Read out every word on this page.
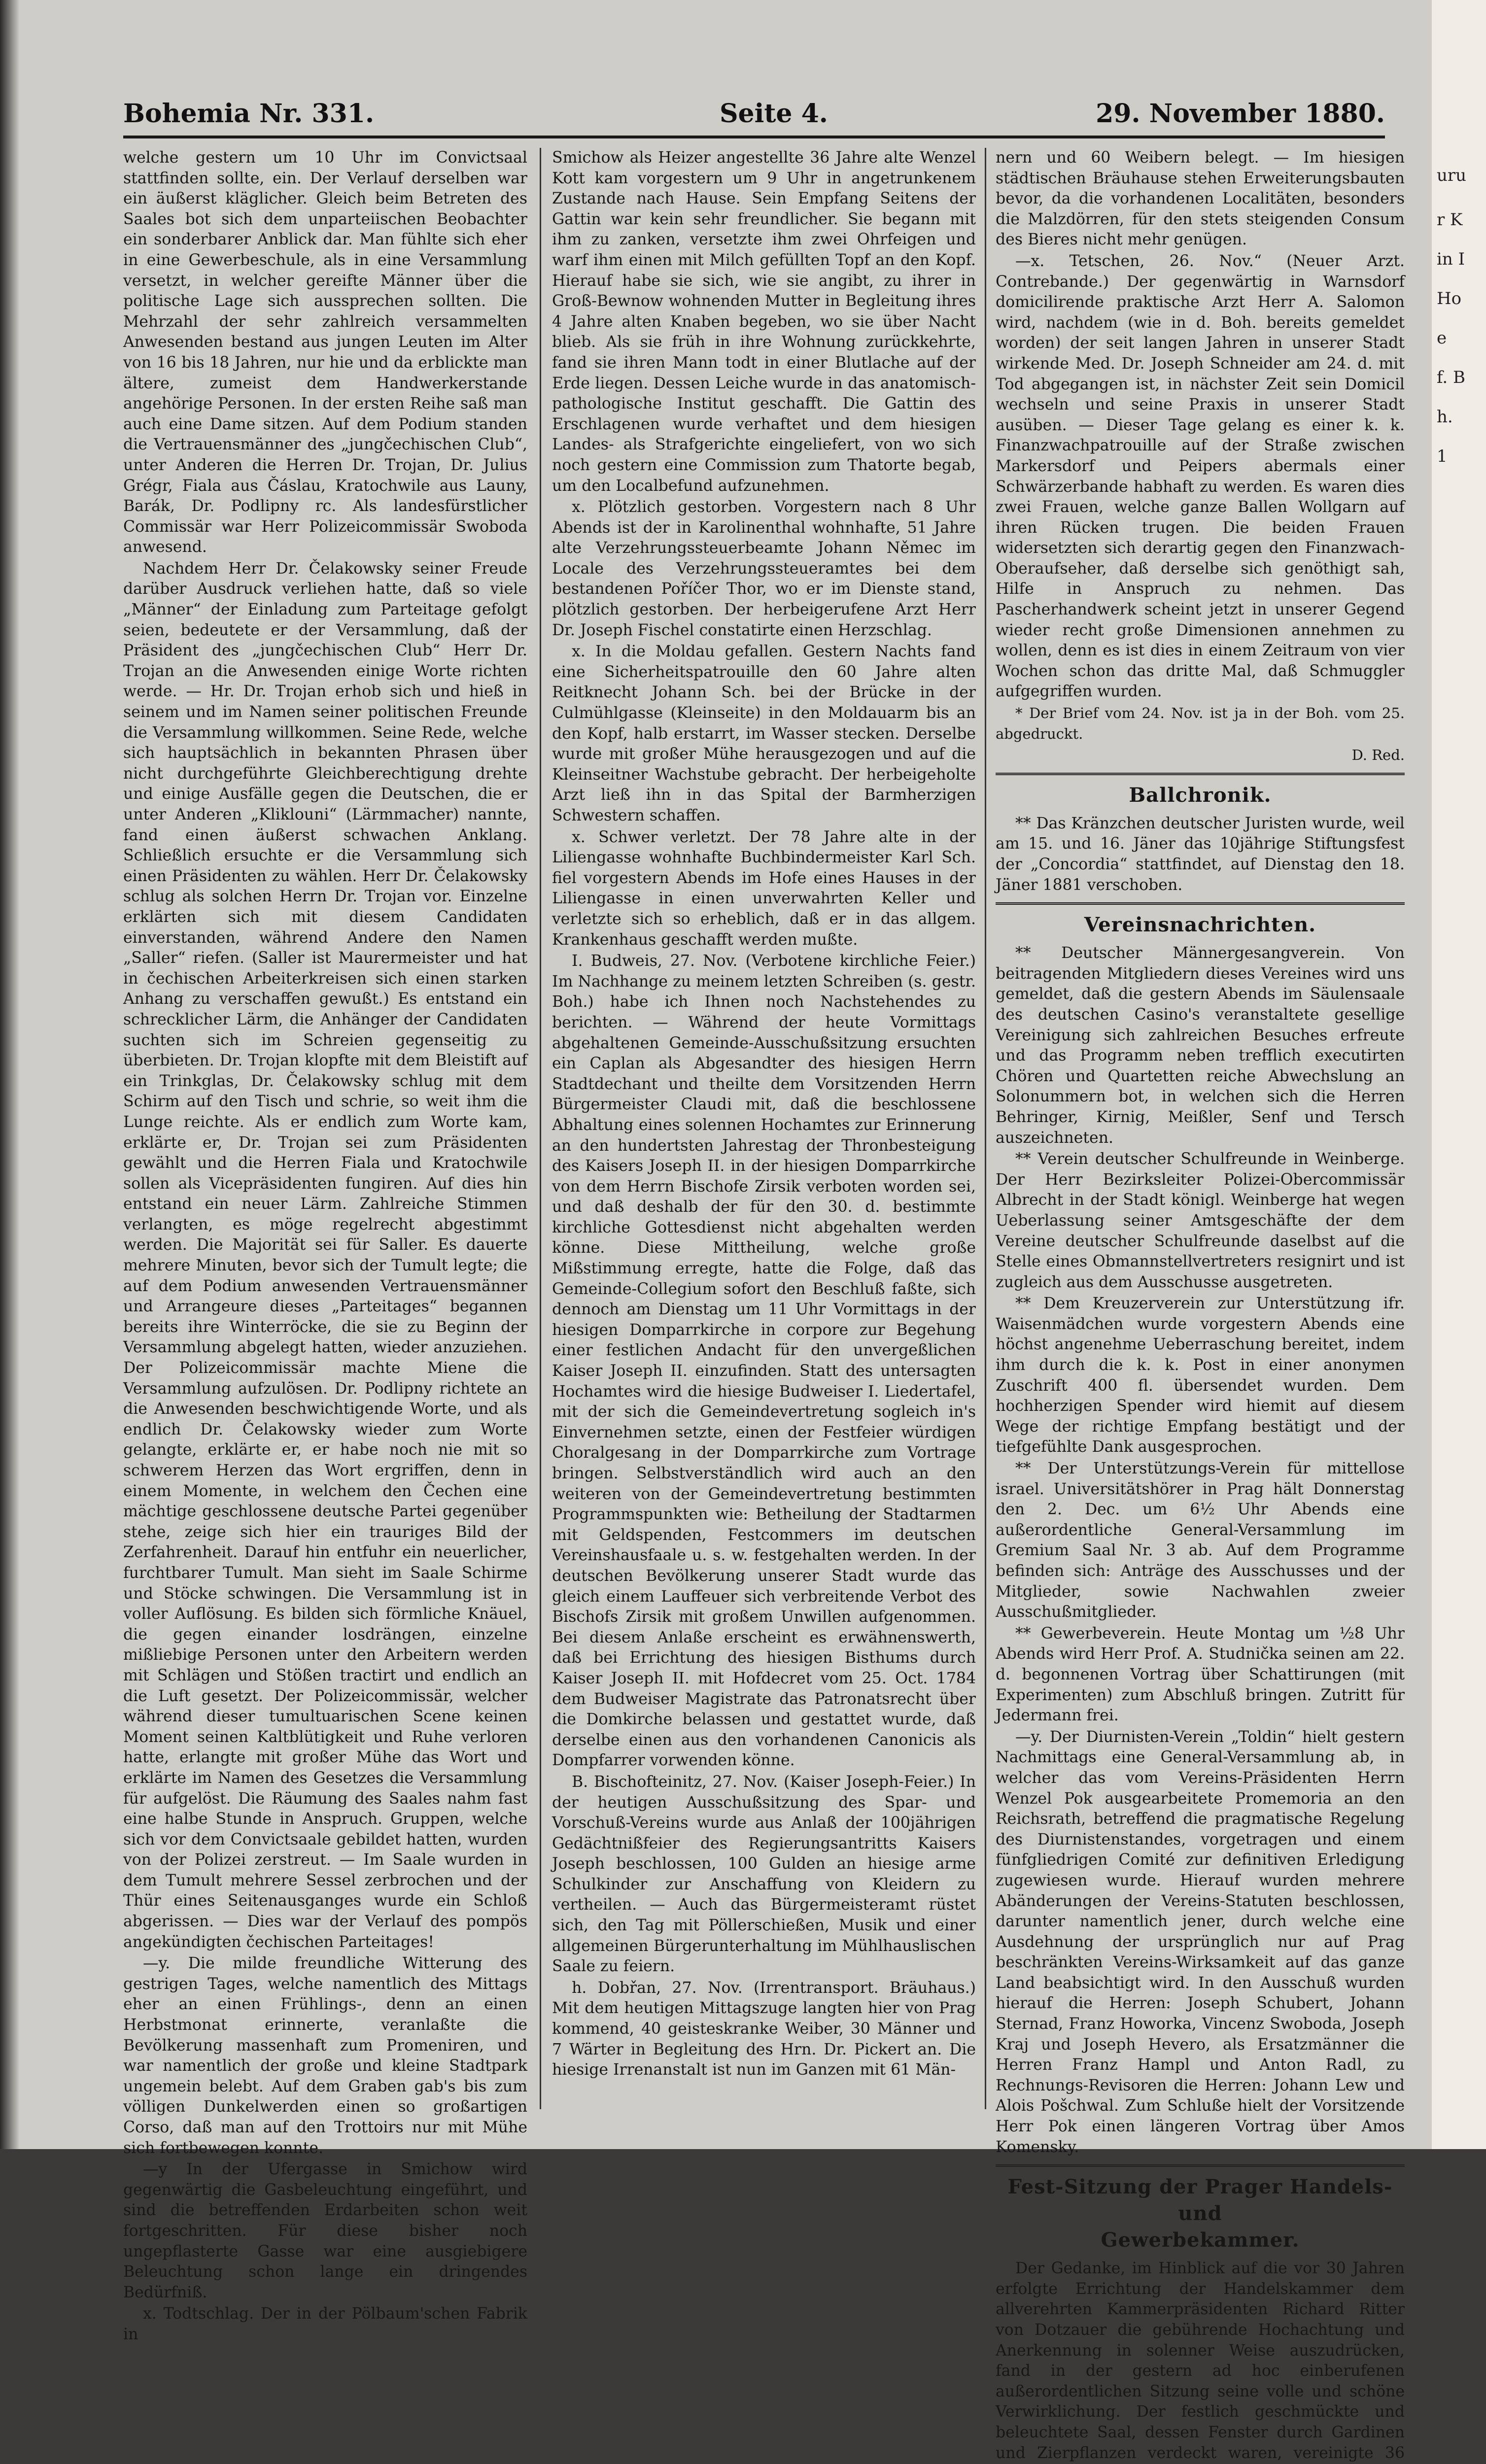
uru
r K
in I
Ho
e
f. B
h.
1
Bohemia Nr. 331.	Seite 4.	29. November 1880.

welche gestern um 10 Uhr im Convictsaal stattfinden sollte, ein. Der Verlauf derselben war ein äußerst kläglicher. Gleich beim Betreten des Saales bot sich dem unparteiischen Beobachter ein sonderbarer Anblick dar. Man fühlte sich eher in eine Gewerbeschule, als in eine Versammlung versetzt, in welcher gereifte Männer über die politische Lage sich aussprechen sollten. Die Mehrzahl der sehr zahlreich versammelten Anwesenden bestand aus jungen Leuten im Alter von 16 bis 18 Jahren, nur hie und da erblickte man ältere, zumeist dem Handwerkerstande angehörige Personen. In der ersten Reihe saß man auch eine Dame sitzen. Auf dem Podium standen die Vertrauensmänner des „jungčechischen Club“, unter Anderen die Herren Dr. Trojan, Dr. Julius Grégr, Fiala aus Čáslau, Kratochwile aus Launy, Barák, Dr. Podlipny rc. Als landesfürstlicher Commissär war Herr Polizeicommissär Swoboda anwesend.

Nachdem Herr Dr. Čelakowsky seiner Freude darüber Ausdruck verliehen hatte, daß so viele „Männer“ der Einladung zum Parteitage gefolgt seien, bedeutete er der Versammlung, daß der Präsident des „jungčechischen Club“ Herr Dr. Trojan an die Anwesenden einige Worte richten werde. — Hr. Dr. Trojan erhob sich und hieß in seinem und im Namen seiner politischen Freunde die Versammlung willkommen. Seine Rede, welche sich hauptsächlich in bekannten Phrasen über nicht durchgeführte Gleichberechtigung drehte und einige Ausfälle gegen die Deutschen, die er unter Anderen „Kliklouni“ (Lärmmacher) nannte, fand einen äußerst schwachen Anklang. Schließlich ersuchte er die Versammlung sich einen Präsidenten zu wählen. Herr Dr. Čelakowsky schlug als solchen Herrn Dr. Trojan vor. Einzelne erklärten sich mit diesem Candidaten einverstanden, während Andere den Namen „Saller“ riefen. (Saller ist Maurermeister und hat in čechischen Arbeiterkreisen sich einen starken Anhang zu verschaffen gewußt.) Es entstand ein schrecklicher Lärm, die Anhänger der Candidaten suchten sich im Schreien gegenseitig zu überbieten. Dr. Trojan klopfte mit dem Bleistift auf ein Trinkglas, Dr. Čelakowsky schlug mit dem Schirm auf den Tisch und schrie, so weit ihm die Lunge reichte. Als er endlich zum Worte kam, erklärte er, Dr. Trojan sei zum Präsidenten gewählt und die Herren Fiala und Kratochwile sollen als Vicepräsidenten fungiren. Auf dies hin entstand ein neuer Lärm. Zahlreiche Stimmen verlangten, es möge regelrecht abgestimmt werden. Die Majorität sei für Saller. Es dauerte mehrere Minuten, bevor sich der Tumult legte; die auf dem Podium anwesenden Vertrauensmänner und Arrangeure dieses „Parteitages“ begannen bereits ihre Winterröcke, die sie zu Beginn der Versammlung abgelegt hatten, wieder anzuziehen. Der Polizeicommissär machte Miene die Versammlung aufzulösen. Dr. Podlipny richtete an die Anwesenden beschwichtigende Worte, und als endlich Dr. Čelakowsky wieder zum Worte gelangte, erklärte er, er habe noch nie mit so schwerem Herzen das Wort ergriffen, denn in einem Momente, in welchem den Čechen eine mächtige geschlossene deutsche Partei gegenüber stehe, zeige sich hier ein trauriges Bild der Zerfahrenheit. Darauf hin entfuhr ein neuerlicher, furchtbarer Tumult. Man sieht im Saale Schirme und Stöcke schwingen. Die Versammlung ist in voller Auflösung. Es bilden sich förmliche Knäuel, die gegen einander losdrängen, einzelne mißliebige Personen unter den Arbeitern werden mit Schlägen und Stößen tractirt und endlich an die Luft gesetzt. Der Polizeicommissär, welcher während dieser tumultuarischen Scene keinen Moment seinen Kaltblütigkeit und Ruhe verloren hatte, erlangte mit großer Mühe das Wort und erklärte im Namen des Gesetzes die Versammlung für aufgelöst. Die Räumung des Saales nahm fast eine halbe Stunde in Anspruch. Gruppen, welche sich vor dem Convictsaale gebildet hatten, wurden von der Polizei zerstreut. — Im Saale wurden in dem Tumult mehrere Sessel zerbrochen und der Thür eines Seitenausganges wurde ein Schloß abgerissen. — Dies war der Verlauf des pompös angekündigten čechischen Parteitages!

—y. Die milde freundliche Witterung des gestrigen Tages, welche namentlich des Mittags eher an einen Frühlings-, denn an einen Herbstmonat erinnerte, veranlaßte die Bevölkerung massenhaft zum Promeniren, und war namentlich der große und kleine Stadtpark ungemein belebt. Auf dem Graben gab's bis zum völligen Dunkelwerden einen so großartigen Corso, daß man auf den Trottoirs nur mit Mühe sich fortbewegen konnte.

—y In der Ufergasse in Smichow wird gegenwärtig die Gasbeleuchtung eingeführt, und sind die betreffenden Erdarbeiten schon weit fortgeschritten. Für diese bisher noch ungepflasterte Gasse war eine ausgiebigere Beleuchtung schon lange ein dringendes Bedürfniß.

x. Todtschlag. Der in der Pölbaum'schen Fabrik in

Smichow als Heizer angestellte 36 Jahre alte Wenzel Kott kam vorgestern um 9 Uhr in angetrunkenem Zustande nach Hause. Sein Empfang Seitens der Gattin war kein sehr freundlicher. Sie begann mit ihm zu zanken, versetzte ihm zwei Ohrfeigen und warf ihm einen mit Milch gefüllten Topf an den Kopf. Hierauf habe sie sich, wie sie angibt, zu ihrer in Groß-Bewnow wohnenden Mutter in Begleitung ihres 4 Jahre alten Knaben begeben, wo sie über Nacht blieb. Als sie früh in ihre Wohnung zurückkehrte, fand sie ihren Mann todt in einer Blutlache auf der Erde liegen. Dessen Leiche wurde in das anatomisch-pathologische Institut geschafft. Die Gattin des Erschlagenen wurde verhaftet und dem hiesigen Landes- als Strafgerichte eingeliefert, von wo sich noch gestern eine Commission zum Thatorte begab, um den Localbefund aufzunehmen.

x. Plötzlich gestorben. Vorgestern nach 8 Uhr Abends ist der in Karolinenthal wohnhafte, 51 Jahre alte Verzehrungssteuerbeamte Johann Němec im Locale des Verzehrungssteueramtes bei dem bestandenen Poříčer Thor, wo er im Dienste stand, plötzlich gestorben. Der herbeigerufene Arzt Herr Dr. Joseph Fischel constatirte einen Herzschlag.

x. In die Moldau gefallen. Gestern Nachts fand eine Sicherheitspatrouille den 60 Jahre alten Reitknecht Johann Sch. bei der Brücke in der Culmühlgasse (Kleinseite) in den Moldauarm bis an den Kopf, halb erstarrt, im Wasser stecken. Derselbe wurde mit großer Mühe herausgezogen und auf die Kleinseitner Wachstube gebracht. Der herbeigeholte Arzt ließ ihn in das Spital der Barmherzigen Schwestern schaffen.

x. Schwer verletzt. Der 78 Jahre alte in der Liliengasse wohnhafte Buchbindermeister Karl Sch. fiel vorgestern Abends im Hofe eines Hauses in der Liliengasse in einen unverwahrten Keller und verletzte sich so erheblich, daß er in das allgem. Krankenhaus geschafft werden mußte.

I. Budweis, 27. Nov. (Verbotene kirchliche Feier.) Im Nachhange zu meinem letzten Schreiben (s. gestr. Boh.) habe ich Ihnen noch Nachstehendes zu berichten. — Während der heute Vormittags abgehaltenen Gemeinde-Ausschußsitzung ersuchten ein Caplan als Abgesandter des hiesigen Herrn Stadtdechant und theilte dem Vorsitzenden Herrn Bürgermeister Claudi mit, daß die beschlossene Abhaltung eines solennen Hochamtes zur Erinnerung an den hundertsten Jahrestag der Thronbesteigung des Kaisers Joseph II. in der hiesigen Domparrkirche von dem Herrn Bischofe Zirsik verboten worden sei, und daß deshalb der für den 30. d. bestimmte kirchliche Gottesdienst nicht abgehalten werden könne. Diese Mittheilung, welche große Mißstimmung erregte, hatte die Folge, daß das Gemeinde-Collegium sofort den Beschluß faßte, sich dennoch am Dienstag um 11 Uhr Vormittags in der hiesigen Domparrkirche in corpore zur Begehung einer festlichen Andacht für den unvergeßlichen Kaiser Joseph II. einzufinden. Statt des untersagten Hochamtes wird die hiesige Budweiser I. Liedertafel, mit der sich die Gemeindevertretung sogleich in's Einvernehmen setzte, einen der Festfeier würdigen Choralgesang in der Domparrkirche zum Vortrage bringen. Selbstverständlich wird auch an den weiteren von der Gemeindevertretung bestimmten Programmspunkten wie: Betheilung der Stadtarmen mit Geldspenden, Festcommers im deutschen Vereinshausfaale u. s. w. festgehalten werden. In der deutschen Bevölkerung unserer Stadt wurde das gleich einem Lauffeuer sich verbreitende Verbot des Bischofs Zirsik mit großem Unwillen aufgenommen. Bei diesem Anlaße erscheint es erwähnenswerth, daß bei Errichtung des hiesigen Bisthums durch Kaiser Joseph II. mit Hofdecret vom 25. Oct. 1784 dem Budweiser Magistrate das Patronatsrecht über die Domkirche belassen und gestattet wurde, daß derselbe einen aus den vorhandenen Canonicis als Dompfarrer vorwenden könne.

B. Bischofteinitz, 27. Nov. (Kaiser Joseph-Feier.) In der heutigen Ausschußsitzung des Spar- und Vorschuß-Vereins wurde aus Anlaß der 100jährigen Gedächtnißfeier des Regierungsantritts Kaisers Joseph beschlossen, 100 Gulden an hiesige arme Schulkinder zur Anschaffung von Kleidern zu vertheilen. — Auch das Bürgermeisteramt rüstet sich, den Tag mit Pöllerschießen, Musik und einer allgemeinen Bürgerunterhaltung im Mühlhauslischen Saale zu feiern.

h. Dobřan, 27. Nov. (Irrentransport. Bräuhaus.) Mit dem heutigen Mittagszuge langten hier von Prag kommend, 40 geisteskranke Weiber, 30 Männer und 7 Wärter in Begleitung des Hrn. Dr. Pickert an. Die hiesige Irrenanstalt ist nun im Ganzen mit 61 Män-

nern und 60 Weibern belegt. — Im hiesigen städtischen Bräuhause stehen Erweiterungsbauten bevor, da die vorhandenen Localitäten, besonders die Malzdörren, für den stets steigenden Consum des Bieres nicht mehr genügen.

—x. Tetschen, 26. Nov.“ (Neuer Arzt. Contrebande.) Der gegenwärtig in Warnsdorf domicilirende praktische Arzt Herr A. Salomon wird, nachdem (wie in d. Boh. bereits gemeldet worden) der seit langen Jahren in unserer Stadt wirkende Med. Dr. Joseph Schneider am 24. d. mit Tod abgegangen ist, in nächster Zeit sein Domicil wechseln und seine Praxis in unserer Stadt ausüben. — Dieser Tage gelang es einer k. k. Finanzwachpatrouille auf der Straße zwischen Markersdorf und Peipers abermals einer Schwärzerbande habhaft zu werden. Es waren dies zwei Frauen, welche ganze Ballen Wollgarn auf ihren Rücken trugen. Die beiden Frauen widersetzten sich derartig gegen den Finanzwach-Oberaufseher, daß derselbe sich genöthigt sah, Hilfe in Anspruch zu nehmen. Das Pascherhandwerk scheint jetzt in unserer Gegend wieder recht große Dimensionen annehmen zu wollen, denn es ist dies in einem Zeitraum von vier Wochen schon das dritte Mal, daß Schmuggler aufgegriffen wurden.

* Der Brief vom 24. Nov. ist ja in der Boh. vom 25. abgedruckt.

D. Red.
Ballchronik.

** Das Kränzchen deutscher Juristen wurde, weil am 15. und 16. Jäner das 10jährige Stiftungsfest der „Concordia“ stattfindet, auf Dienstag den 18. Jäner 1881 verschoben.

Vereinsnachrichten.

** Deutscher Männergesangverein. Von beitragenden Mitgliedern dieses Vereines wird uns gemeldet, daß die gestern Abends im Säulensaale des deutschen Casino's veranstaltete gesellige Vereinigung sich zahlreichen Besuches erfreute und das Programm neben trefflich executirten Chören und Quartetten reiche Abwechslung an Solonummern bot, in welchen sich die Herren Behringer, Kirnig, Meißler, Senf und Tersch auszeichneten.

** Verein deutscher Schulfreunde in Weinberge. Der Herr Bezirksleiter Polizei-Obercommissär Albrecht in der Stadt königl. Weinberge hat wegen Ueberlassung seiner Amtsgeschäfte der dem Vereine deutscher Schulfreunde daselbst auf die Stelle eines Obmannstellvertreters resignirt und ist zugleich aus dem Ausschusse ausgetreten.

** Dem Kreuzerverein zur Unterstützung ifr. Waisenmädchen wurde vorgestern Abends eine höchst angenehme Ueberraschung bereitet, indem ihm durch die k. k. Post in einer anonymen Zuschrift 400 fl. übersendet wurden. Dem hochherzigen Spender wird hiemit auf diesem Wege der richtige Empfang bestätigt und der tiefgefühlte Dank ausgesprochen.

** Der Unterstützungs-Verein für mittellose israel. Universitätshörer in Prag hält Donnerstag den 2. Dec. um 6½ Uhr Abends eine außerordentliche General-Versammlung im Gremium Saal Nr. 3 ab. Auf dem Programme befinden sich: Anträge des Ausschusses und der Mitglieder, sowie Nachwahlen zweier Ausschußmitglieder.

** Gewerbeverein. Heute Montag um ½8 Uhr Abends wird Herr Prof. A. Studnička seinen am 22. d. begonnenen Vortrag über Schattirungen (mit Experimenten) zum Abschluß bringen. Zutritt für Jedermann frei.

—y. Der Diurnisten-Verein „Toldin“ hielt gestern Nachmittags eine General-Versammlung ab, in welcher das vom Vereins-Präsidenten Herrn Wenzel Pok ausgearbeitete Promemoria an den Reichsrath, betreffend die pragmatische Regelung des Diurnistenstandes, vorgetragen und einem fünfgliedrigen Comité zur definitiven Erledigung zugewiesen wurde. Hierauf wurden mehrere Abänderungen der Vereins-Statuten beschlossen, darunter namentlich jener, durch welche eine Ausdehnung der ursprünglich nur auf Prag beschränkten Vereins-Wirksamkeit auf das ganze Land beabsichtigt wird. In den Ausschuß wurden hierauf die Herren: Joseph Schubert, Johann Sternad, Franz Howorka, Vincenz Swoboda, Joseph Kraj und Joseph Hevero, als Ersatzmänner die Herren Franz Hampl und Anton Radl, zu Rechnungs-Revisoren die Herren: Johann Lew und Alois Pošchwal. Zum Schluße hielt der Vorsitzende Herr Pok einen längeren Vortrag über Amos Komensky.

Fest-Sitzung der Prager Handels- und
Gewerbekammer.

Der Gedanke, im Hinblick auf die vor 30 Jahren erfolgte Errichtung der Handelskammer dem allverehrten Kammerpräsidenten Richard Ritter von Dotzauer die gebührende Hochachtung und Anerkennung in solenner Weise auszudrücken, fand in der gestern ad hoc einberufenen außerordentlichen Sitzung seine volle und schöne Verwirklichung. Der festlich geschmückte und beleuchtete Saal, dessen Fenster durch Gardinen und Zierpflanzen verdeckt waren, vereinigte 36
